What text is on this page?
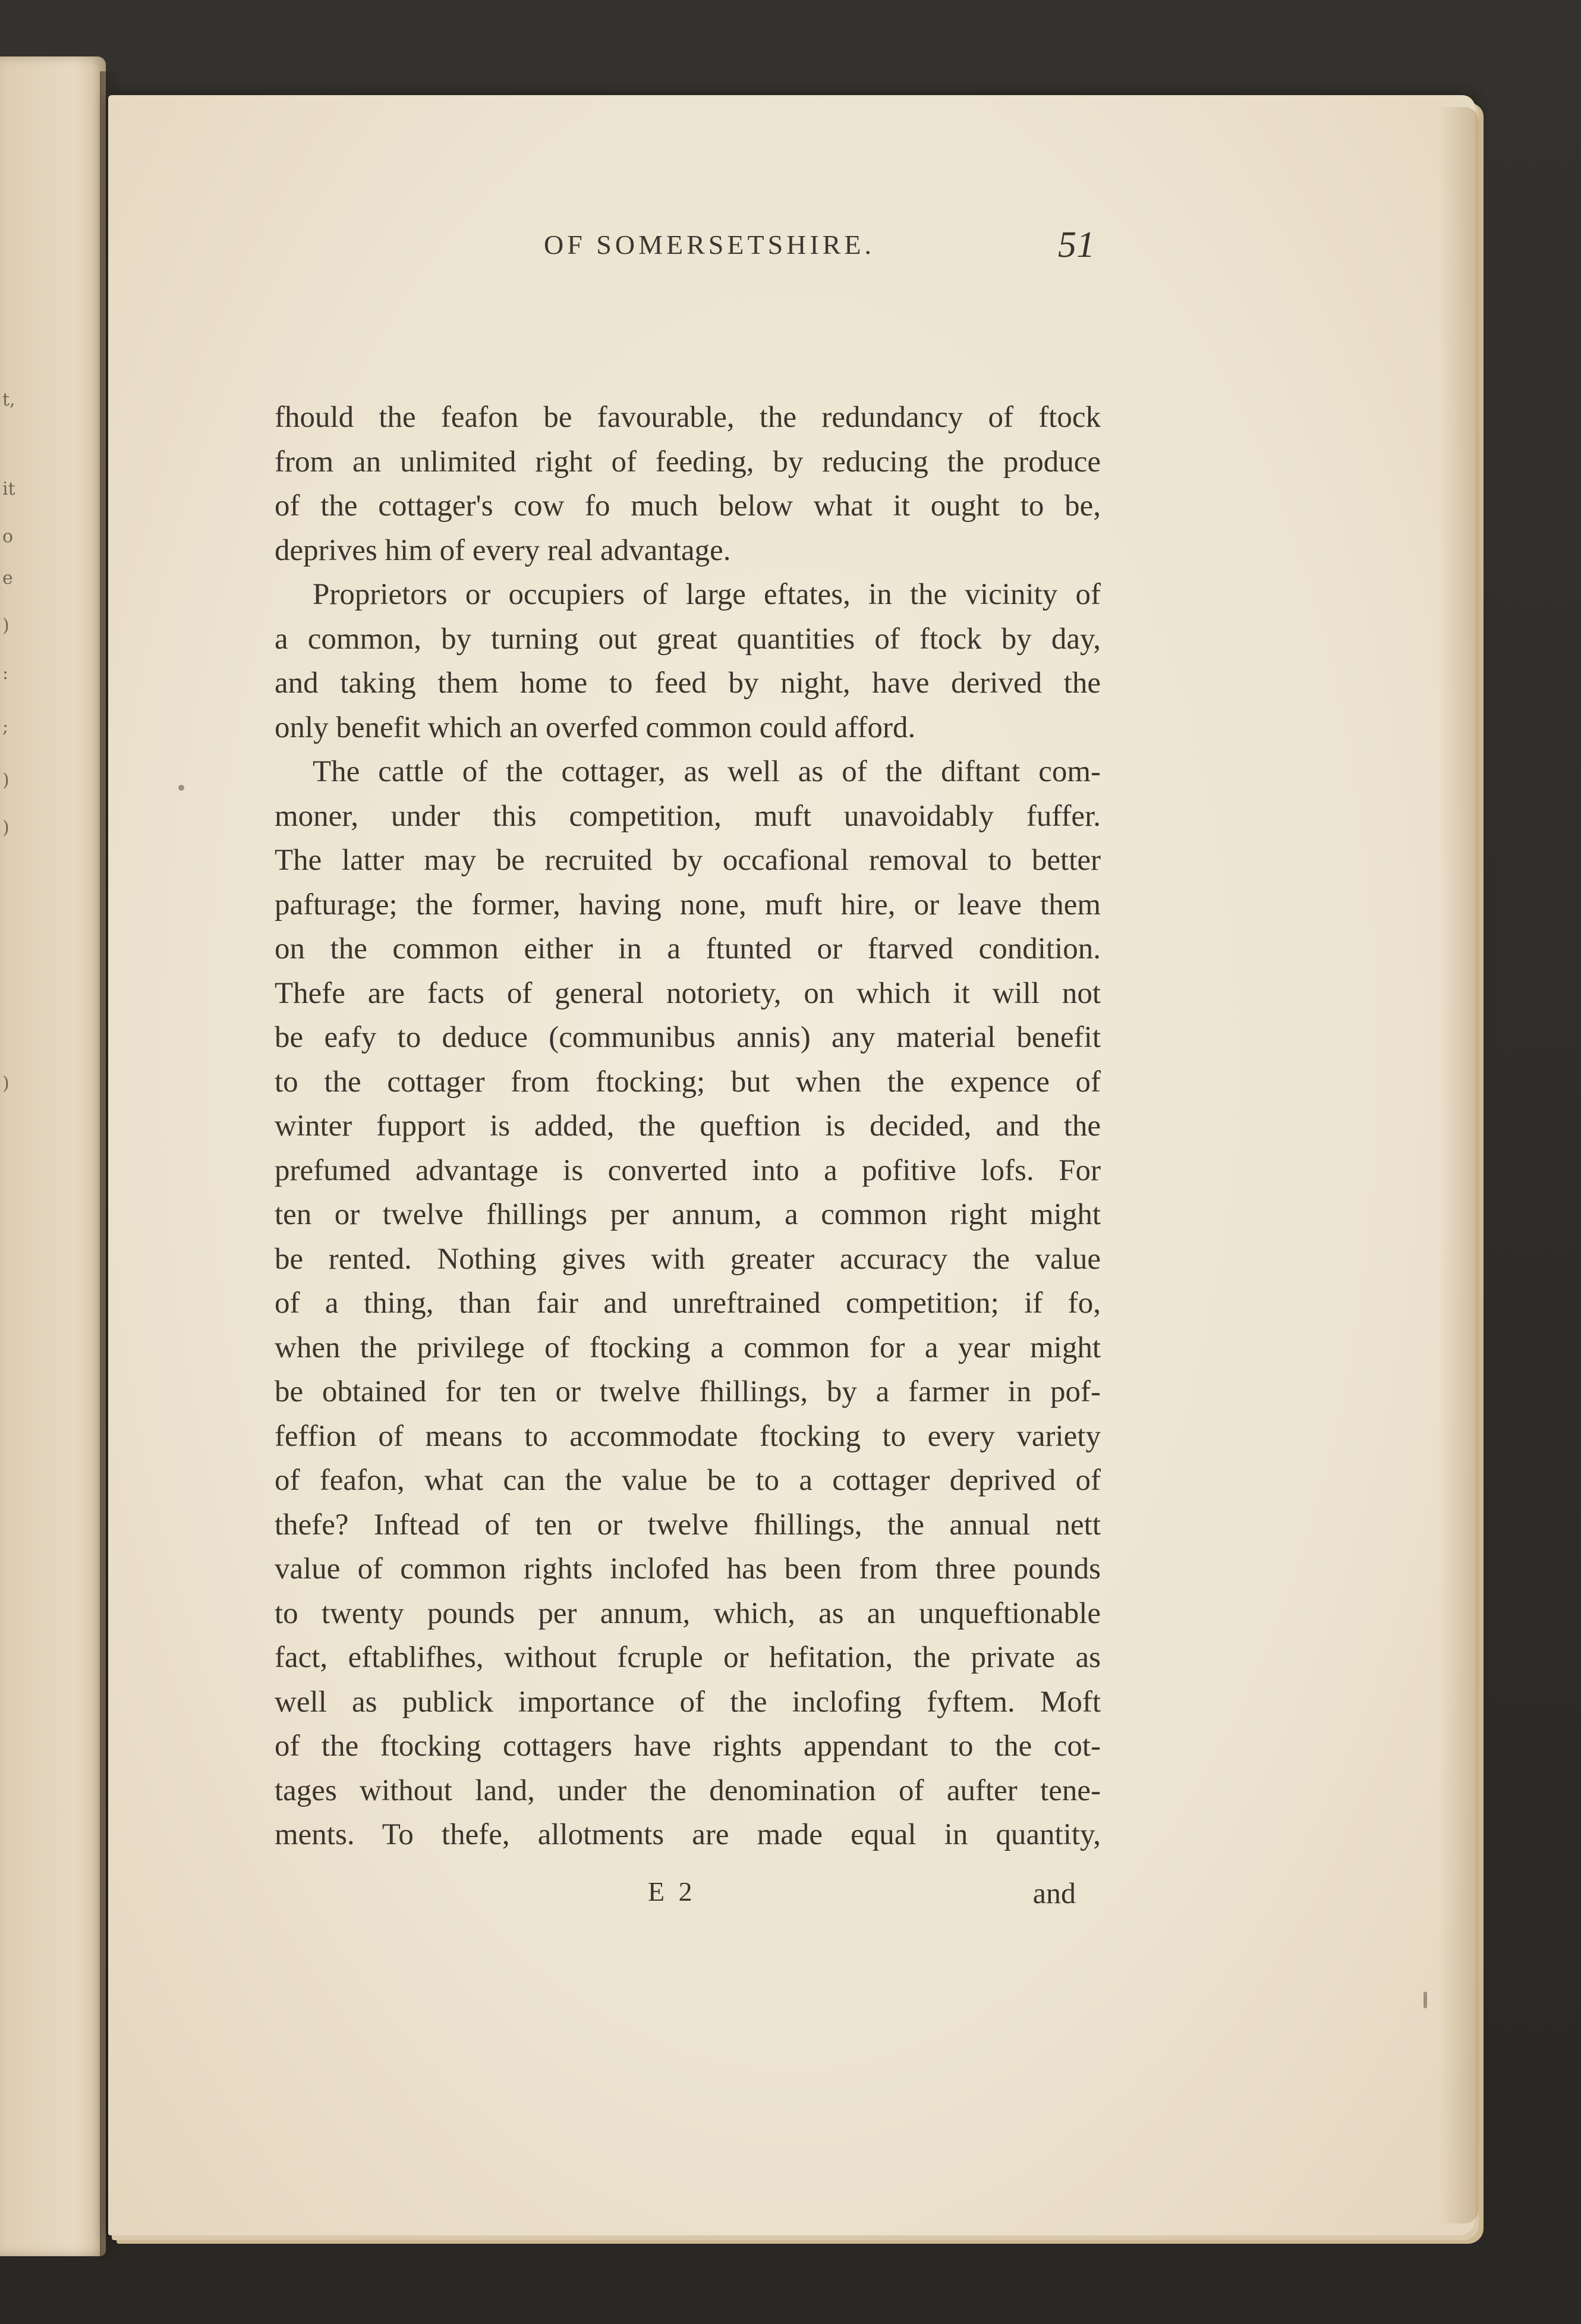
t,
it
o
e
)
:
;
)
)
)
OF SOMERSETSHIRE.	51
fhould the feafon be favourable, the redundancy of ftock
from an unlimited right of feeding, by reducing the produce
of the cottager's cow fo much below what it ought to be,
deprives him of every real advantage.
Proprietors or occupiers of large eftates, in the vicinity of
a common, by turning out great quantities of ftock by day,
and taking them home to feed by night, have derived the
only benefit which an overfed common could afford.
The cattle of the cottager, as well as of the diftant com-
moner, under this competition, muft unavoidably fuffer.
The latter may be recruited by occafional removal to better
pafturage; the former, having none, muft hire, or leave them
on the common either in a ftunted or ftarved condition.
Thefe are facts of general notoriety, on which it will not
be eafy to deduce (communibus annis) any material benefit
to the cottager from ftocking; but when the expence of
winter fupport is added, the queftion is decided, and the
prefumed advantage is converted into a pofitive lofs. For
ten or twelve fhillings per annum, a common right might
be rented. Nothing gives with greater accuracy the value
of a thing, than fair and unreftrained competition; if fo,
when the privilege of ftocking a common for a year might
be obtained for ten or twelve fhillings, by a farmer in pof-
feffion of means to accommodate ftocking to every variety
of feafon, what can the value be to a cottager deprived of
thefe? Inftead of ten or twelve fhillings, the annual nett
value of common rights inclofed has been from three pounds
to twenty pounds per annum, which, as an unqueftionable
fact, eftablifhes, without fcruple or hefitation, the private as
well as publick importance of the inclofing fyftem. Moft
of the ftocking cottagers have rights appendant to the cot-
tages without land, under the denomination of aufter tene-
ments. To thefe, allotments are made equal in quantity,
E 2	and
